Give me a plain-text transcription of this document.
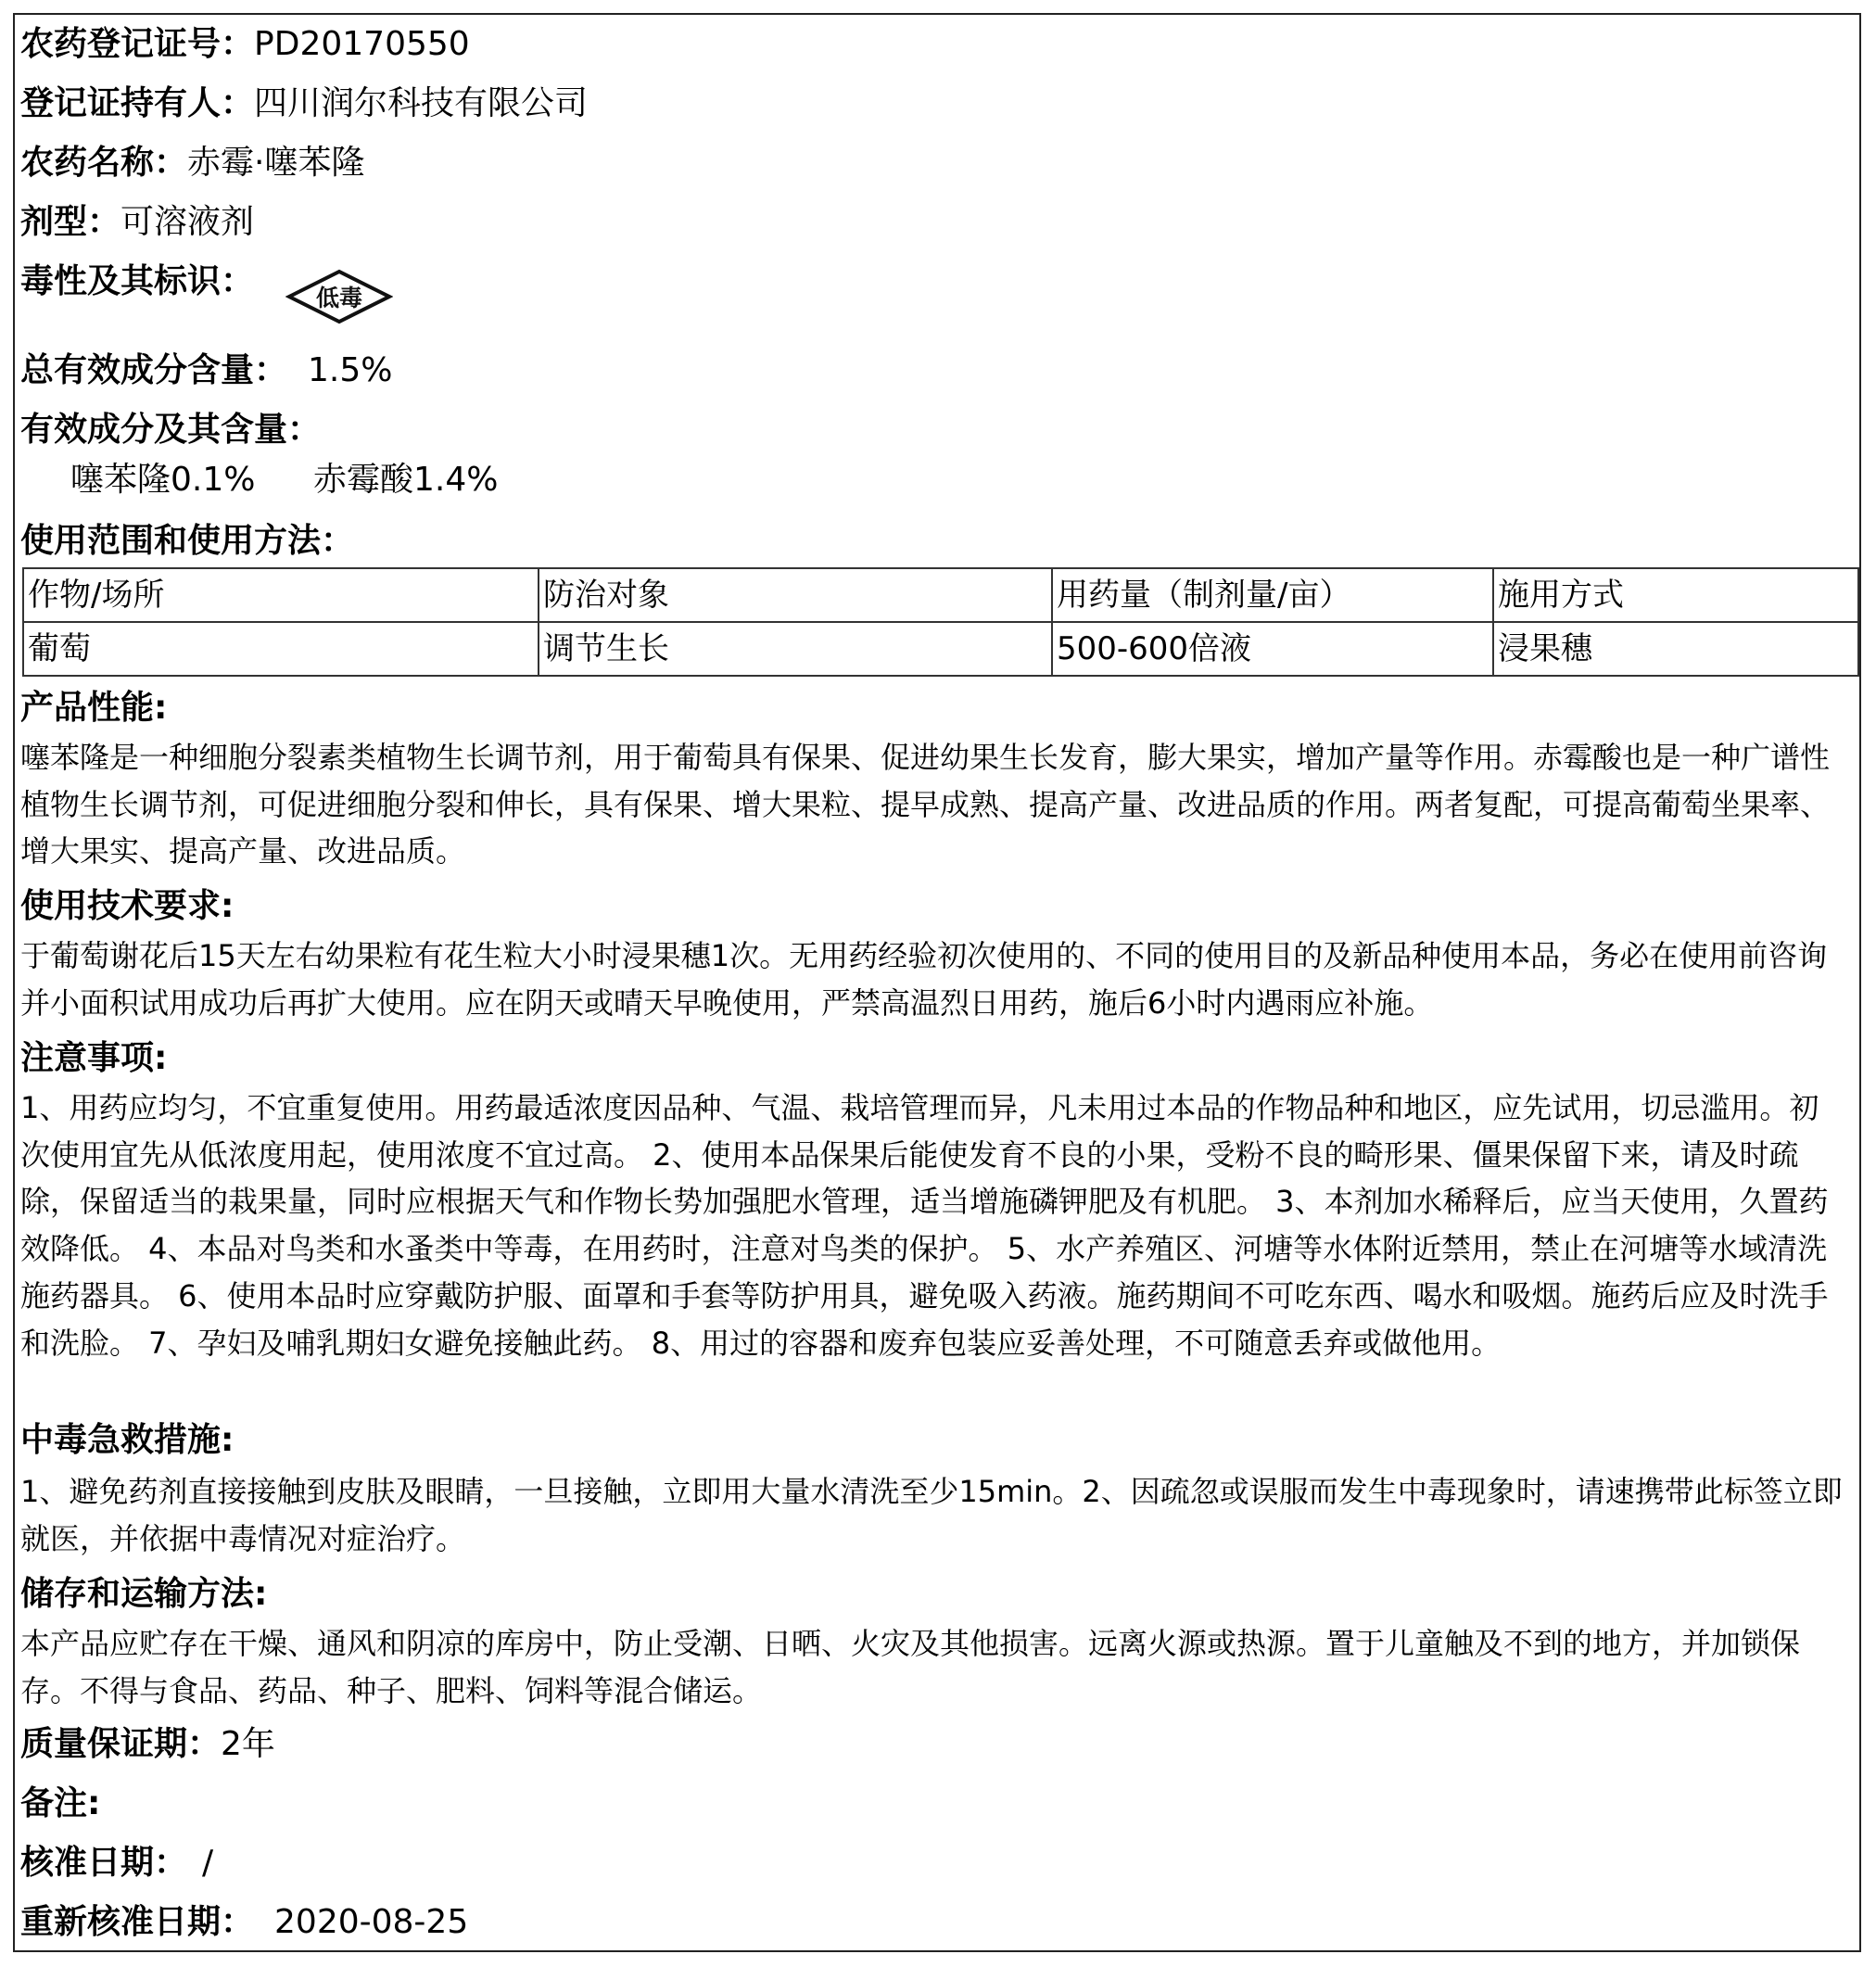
农药登记证号：PD20170550
登记证持有人：四川润尔科技有限公司
农药名称：赤霉·噻苯隆
剂型：可溶液剂
毒性及其标识：	低毒
总有效成分含量： 1.5%
有效成分及其含量：
噻苯隆0.1% 赤霉酸1.4%
使用范围和使用方法：
作物/场所	防治对象	用药量（制剂量/亩）	施用方式
葡萄	调节生长	500-600倍液	浸果穗
产品性能:

噻苯隆是一种细胞分裂素类植物生长调节剂，用于葡萄具有保果、促进幼果生长发育，膨大果实，增加产量等作用。赤霉酸也是一种广谱性植物生长调节剂，可促进细胞分裂和伸长，具有保果、增大果粒、提早成熟、提高产量、改进品质的作用。两者复配，可提高葡萄坐果率、增大果实、提高产量、改进品质。

使用技术要求:

于葡萄谢花后15天左右幼果粒有花生粒大小时浸果穗1次。无用药经验初次使用的、不同的使用目的及新品种使用本品，务必在使用前咨询并小面积试用成功后再扩大使用。应在阴天或晴天早晚使用，严禁高温烈日用药，施后6小时内遇雨应补施。

注意事项:

1、用药应均匀，不宜重复使用。用药最适浓度因品种、气温、栽培管理而异，凡未用过本品的作物品种和地区，应先试用，切忌滥用。初次使用宜先从低浓度用起，使用浓度不宜过高。 2、使用本品保果后能使发育不良的小果，受粉不良的畸形果、僵果保留下来，请及时疏除，保留适当的栽果量，同时应根据天气和作物长势加强肥水管理，适当增施磷钾肥及有机肥。 3、本剂加水稀释后，应当天使用，久置药效降低。 4、本品对鸟类和水蚤类中等毒，在用药时，注意对鸟类的保护。 5、水产养殖区、河塘等水体附近禁用，禁止在河塘等水域清洗施药器具。 6、使用本品时应穿戴防护服、面罩和手套等防护用具，避免吸入药液。施药期间不可吃东西、喝水和吸烟。施药后应及时洗手和洗脸。 7、孕妇及哺乳期妇女避免接触此药。 8、用过的容器和废弃包装应妥善处理，不可随意丢弃或做他用。

中毒急救措施:

1、避免药剂直接接触到皮肤及眼睛，一旦接触，立即用大量水清洗至少15min。2、因疏忽或误服而发生中毒现象时，请速携带此标签立即就医，并依据中毒情况对症治疗。

储存和运输方法:

本产品应贮存在干燥、通风和阴凉的库房中，防止受潮、日晒、火灾及其他损害。远离火源或热源。置于儿童触及不到的地方，并加锁保存。不得与食品、药品、种子、肥料、饲料等混合储运。

质量保证期：2年
备注:
核准日期： /
重新核准日期： 2020-08-25
